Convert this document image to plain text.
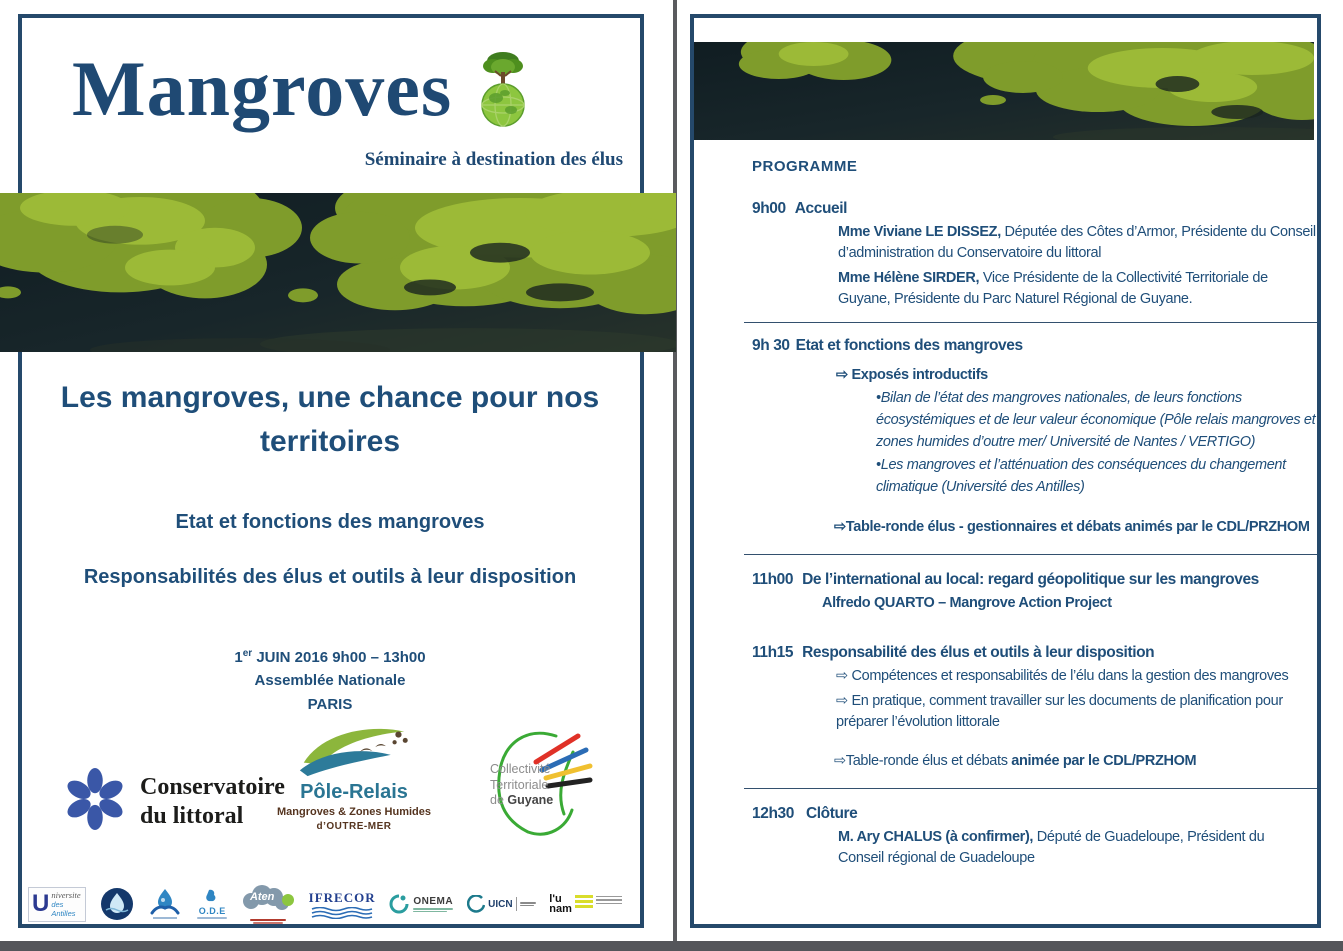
Mangroves
Séminaire à destination des élus
Les mangroves, une chance pour nos territoires
Etat et fonctions des mangroves
Responsabilités des élus et outils à leur disposition
1er JUIN 2016 9h00 – 13h00
Assemblée Nationale
PARIS
Conservatoire
du littoral
Pôle-Relais
Mangroves & Zones Humides
d’OUTRE-MER
Collectivité
Territoriale
de Guyane
U niversite
des Antilles	O.D.E
Aten	IFRECOR	ONEMA	UICN	l'u
nam
PROGRAMME
9h00 Accueil
Mme Viviane LE DISSEZ, Députée des Côtes d’Armor, Présidente du Conseil d’administration du Conservatoire du littoral
Mme Hélène SIRDER, Vice Présidente de la Collectivité Territoriale de Guyane, Présidente du Parc Naturel Régional de Guyane.
9h 30 Etat et fonctions des mangroves
⇨ Exposés introductifs
•Bilan de l’état des mangroves nationales, de leurs fonctions écosystémiques et de leur valeur économique (Pôle relais mangroves et zones humides d’outre mer/ Université de Nantes / VERTIGO)
•Les mangroves et l’atténuation des conséquences du changement climatique (Université des Antilles)
⇨Table-ronde élus - gestionnaires et débats animés par le CDL/PRZHOM
11h00 De l’international au local: regard géopolitique sur les mangroves
Alfredo QUARTO – Mangrove Action Project
11h15 Responsabilité des élus et outils à leur disposition
⇨ Compétences et responsabilités de l’élu dans la gestion des mangroves
⇨ En pratique, comment travailler sur les documents de planification pour préparer l’évolution littorale
⇨Table-ronde élus et débats animée par le CDL/PRZHOM
12h30 Clôture
M. Ary CHALUS (à confirmer), Député de Guadeloupe, Président du Conseil régional de Guadeloupe
